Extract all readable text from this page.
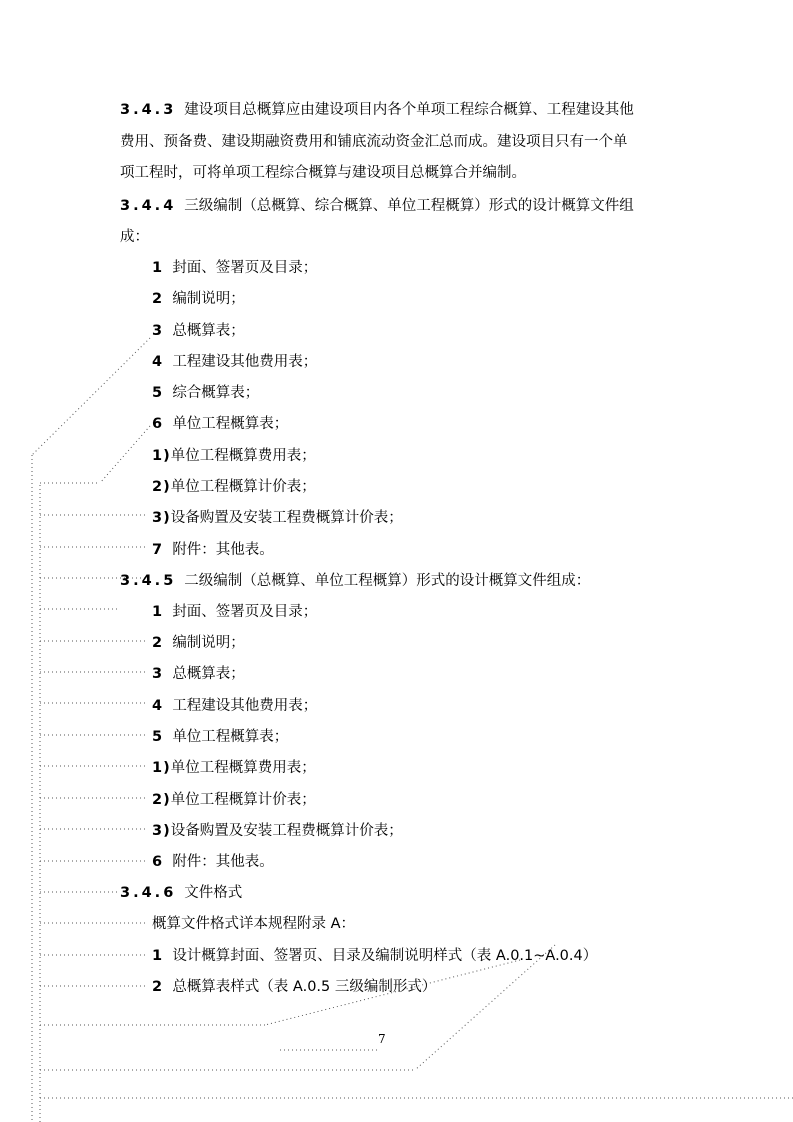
3.4.3 建设项目总概算应由建设项目内各个单项工程综合概算、工程建设其他
费用、预备费、建设期融资费用和铺底流动资金汇总而成。建设项目只有一个单
项工程时，可将单项工程综合概算与建设项目总概算合并编制。
3.4.4 三级编制（总概算、综合概算、单位工程概算）形式的设计概算文件组
成：
1 封面、签署页及目录；
2 编制说明；
3 总概算表；
4 工程建设其他费用表；
5 综合概算表；
6 单位工程概算表；
1)单位工程概算费用表；
2)单位工程概算计价表；
3)设备购置及安装工程费概算计价表；
7 附件：其他表。
3.4.5 二级编制（总概算、单位工程概算）形式的设计概算文件组成：
1 封面、签署页及目录；
2 编制说明；
3 总概算表；
4 工程建设其他费用表；
5 单位工程概算表；
1)单位工程概算费用表；
2)单位工程概算计价表；
3)设备购置及安装工程费概算计价表；
6 附件：其他表。
3.4.6 文件格式
概算文件格式详本规程附录 A：
1 设计概算封面、签署页、目录及编制说明样式（表 A.0.1~A.0.4）
2 总概算表样式（表 A.0.5 三级编制形式）
7
